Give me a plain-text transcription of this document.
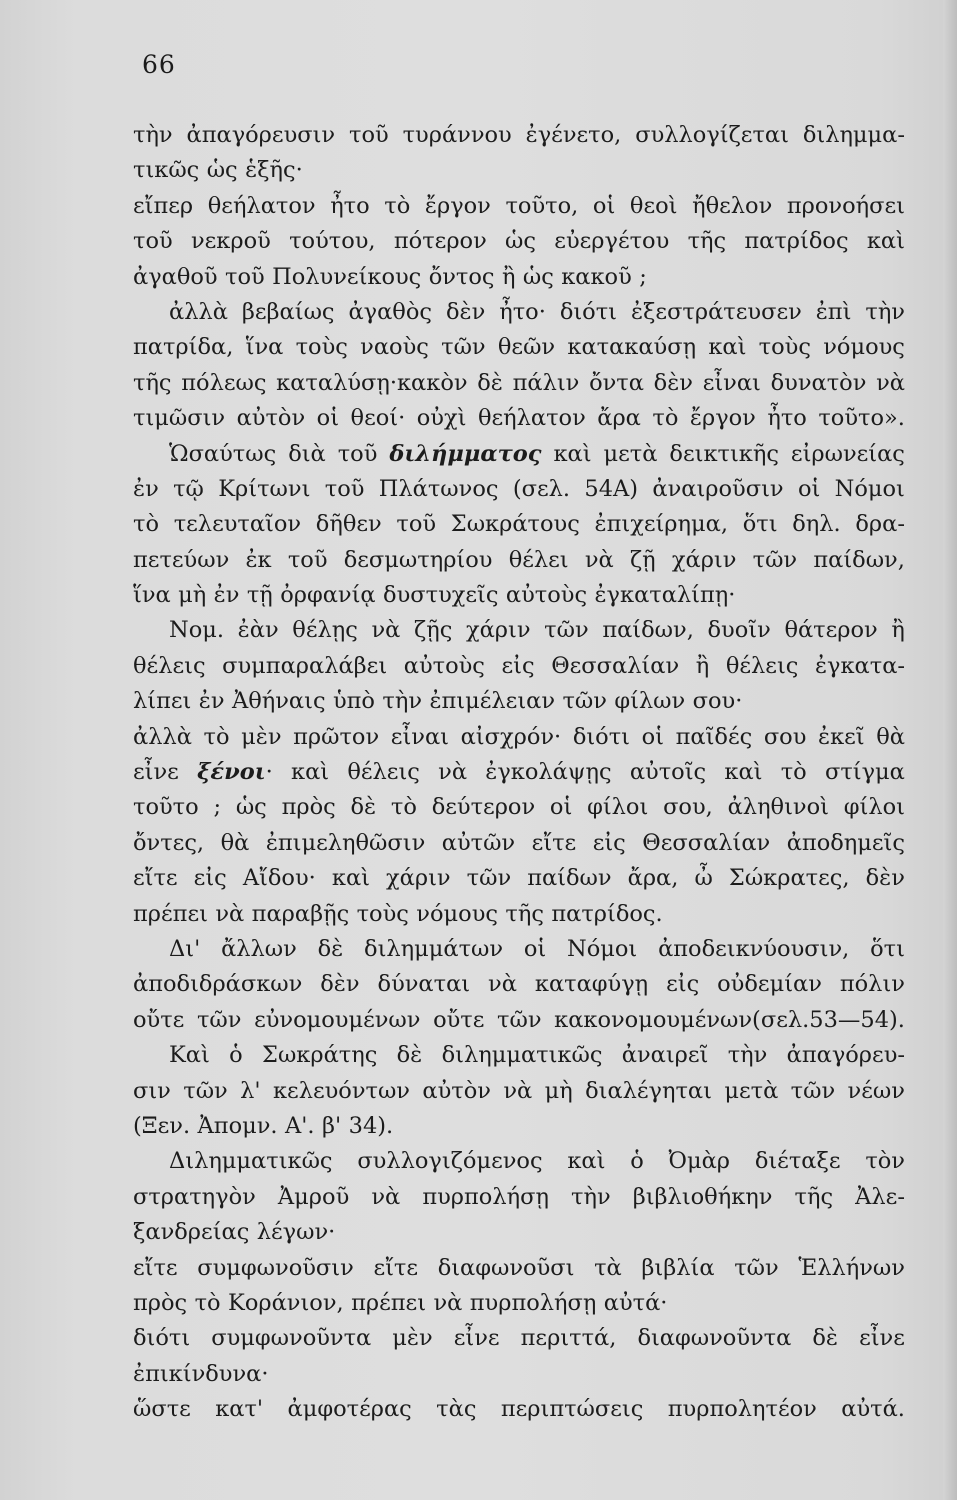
66
τὴν ἀπαγόρευσιν τοῦ τυράννου ἐγένετο, συλλογίζεται διλημμα-
τικῶς ὡς ἑξῆς·
εἴπερ θεήλατον ἦτο τὸ ἔργον τοῦτο, οἱ θεοὶ ἤθελον προνοήσει
τοῦ νεκροῦ τούτου, πότερον ὡς εὐεργέτου τῆς πατρίδος καὶ
ἀγαθοῦ τοῦ Πολυνείκους ὄντος ἢ ὡς κακοῦ ;
ἀλλὰ βεβαίως ἀγαθὸς δὲν ἦτο· διότι ἐξεστράτευσεν ἐπὶ τὴν
πατρίδα, ἵνα τοὺς ναοὺς τῶν θεῶν κατακαύσῃ καὶ τοὺς νόμους
τῆς πόλεως καταλύσῃ·κακὸν δὲ πάλιν ὄντα δὲν εἶναι δυνατὸν νὰ
τιμῶσιν αὐτὸν οἱ θεοί· οὐχὶ θεήλατον ἄρα τὸ ἔργον ἦτο τοῦτο».
Ὡσαύτως διὰ τοῦ διλήμματος καὶ μετὰ δεικτικῆς εἰρωνείας
ἐν τῷ Κρίτωνι τοῦ Πλάτωνος (σελ. 54Α) ἀναιροῦσιν οἱ Νόμοι
τὸ τελευταῖον δῆθεν τοῦ Σωκράτους ἐπιχείρημα, ὅτι δηλ. δρα-
πετεύων ἐκ τοῦ δεσμωτηρίου θέλει νὰ ζῇ χάριν τῶν παίδων,
ἵνα μὴ ἐν τῇ ὀρφανίᾳ δυστυχεῖς αὐτοὺς ἐγκαταλίπῃ·
Νομ. ἐὰν θέλῃς νὰ ζῇς χάριν τῶν παίδων, δυοῖν θάτερον ἢ
θέλεις συμπαραλάβει αὐτοὺς εἰς Θεσσαλίαν ἢ θέλεις ἐγκατα-
λίπει ἐν Ἀθήναις ὑπὸ τὴν ἐπιμέλειαν τῶν φίλων σου·
ἀλλὰ τὸ μὲν πρῶτον εἶναι αἰσχρόν· διότι οἱ παῖδές σου ἐκεῖ θὰ
εἶνε ξένοι· καὶ θέλεις νὰ ἐγκολάψῃς αὐτοῖς καὶ τὸ στίγμα
τοῦτο ; ὡς πρὸς δὲ τὸ δεύτερον οἱ φίλοι σου, ἀληθινοὶ φίλοι
ὄντες, θὰ ἐπιμεληθῶσιν αὐτῶν εἴτε εἰς Θεσσαλίαν ἀποδημεῖς
εἴτε εἰς Αἴδου· καὶ χάριν τῶν παίδων ἄρα, ὦ Σώκρατες, δὲν
πρέπει νὰ παραβῇς τοὺς νόμους τῆς πατρίδος.
Δι' ἄλλων δὲ διλημμάτων οἱ Νόμοι ἀποδεικνύουσιν, ὅτι
ἀποδιδράσκων δὲν δύναται νὰ καταφύγῃ εἰς οὐδεμίαν πόλιν
οὔτε τῶν εὐνομουμένων οὔτε τῶν κακονομουμένων(σελ.53—54).
Καὶ ὁ Σωκράτης δὲ διλημματικῶς ἀναιρεῖ τὴν ἀπαγόρευ-
σιν τῶν λ' κελευόντων αὐτὸν νὰ μὴ διαλέγηται μετὰ τῶν νέων
(Ξεν. Ἀπομν. Α'. β' 34).
Διλημματικῶς συλλογιζόμενος καὶ ὁ Ὀμὰρ διέταξε τὸν
στρατηγὸν Ἀμροῦ νὰ πυρπολήσῃ τὴν βιβλιοθήκην τῆς Ἀλε-
ξανδρείας λέγων·
εἴτε συμφωνοῦσιν εἴτε διαφωνοῦσι τὰ βιβλία τῶν Ἑλλήνων
πρὸς τὸ Κοράνιον, πρέπει νὰ πυρπολήσῃ αὐτά·
διότι συμφωνοῦντα μὲν εἶνε περιττά, διαφωνοῦντα δὲ εἶνε
ἐπικίνδυνα·
ὥστε κατ' ἀμφοτέρας τὰς περιπτώσεις πυρπολητέον αὐτά.
